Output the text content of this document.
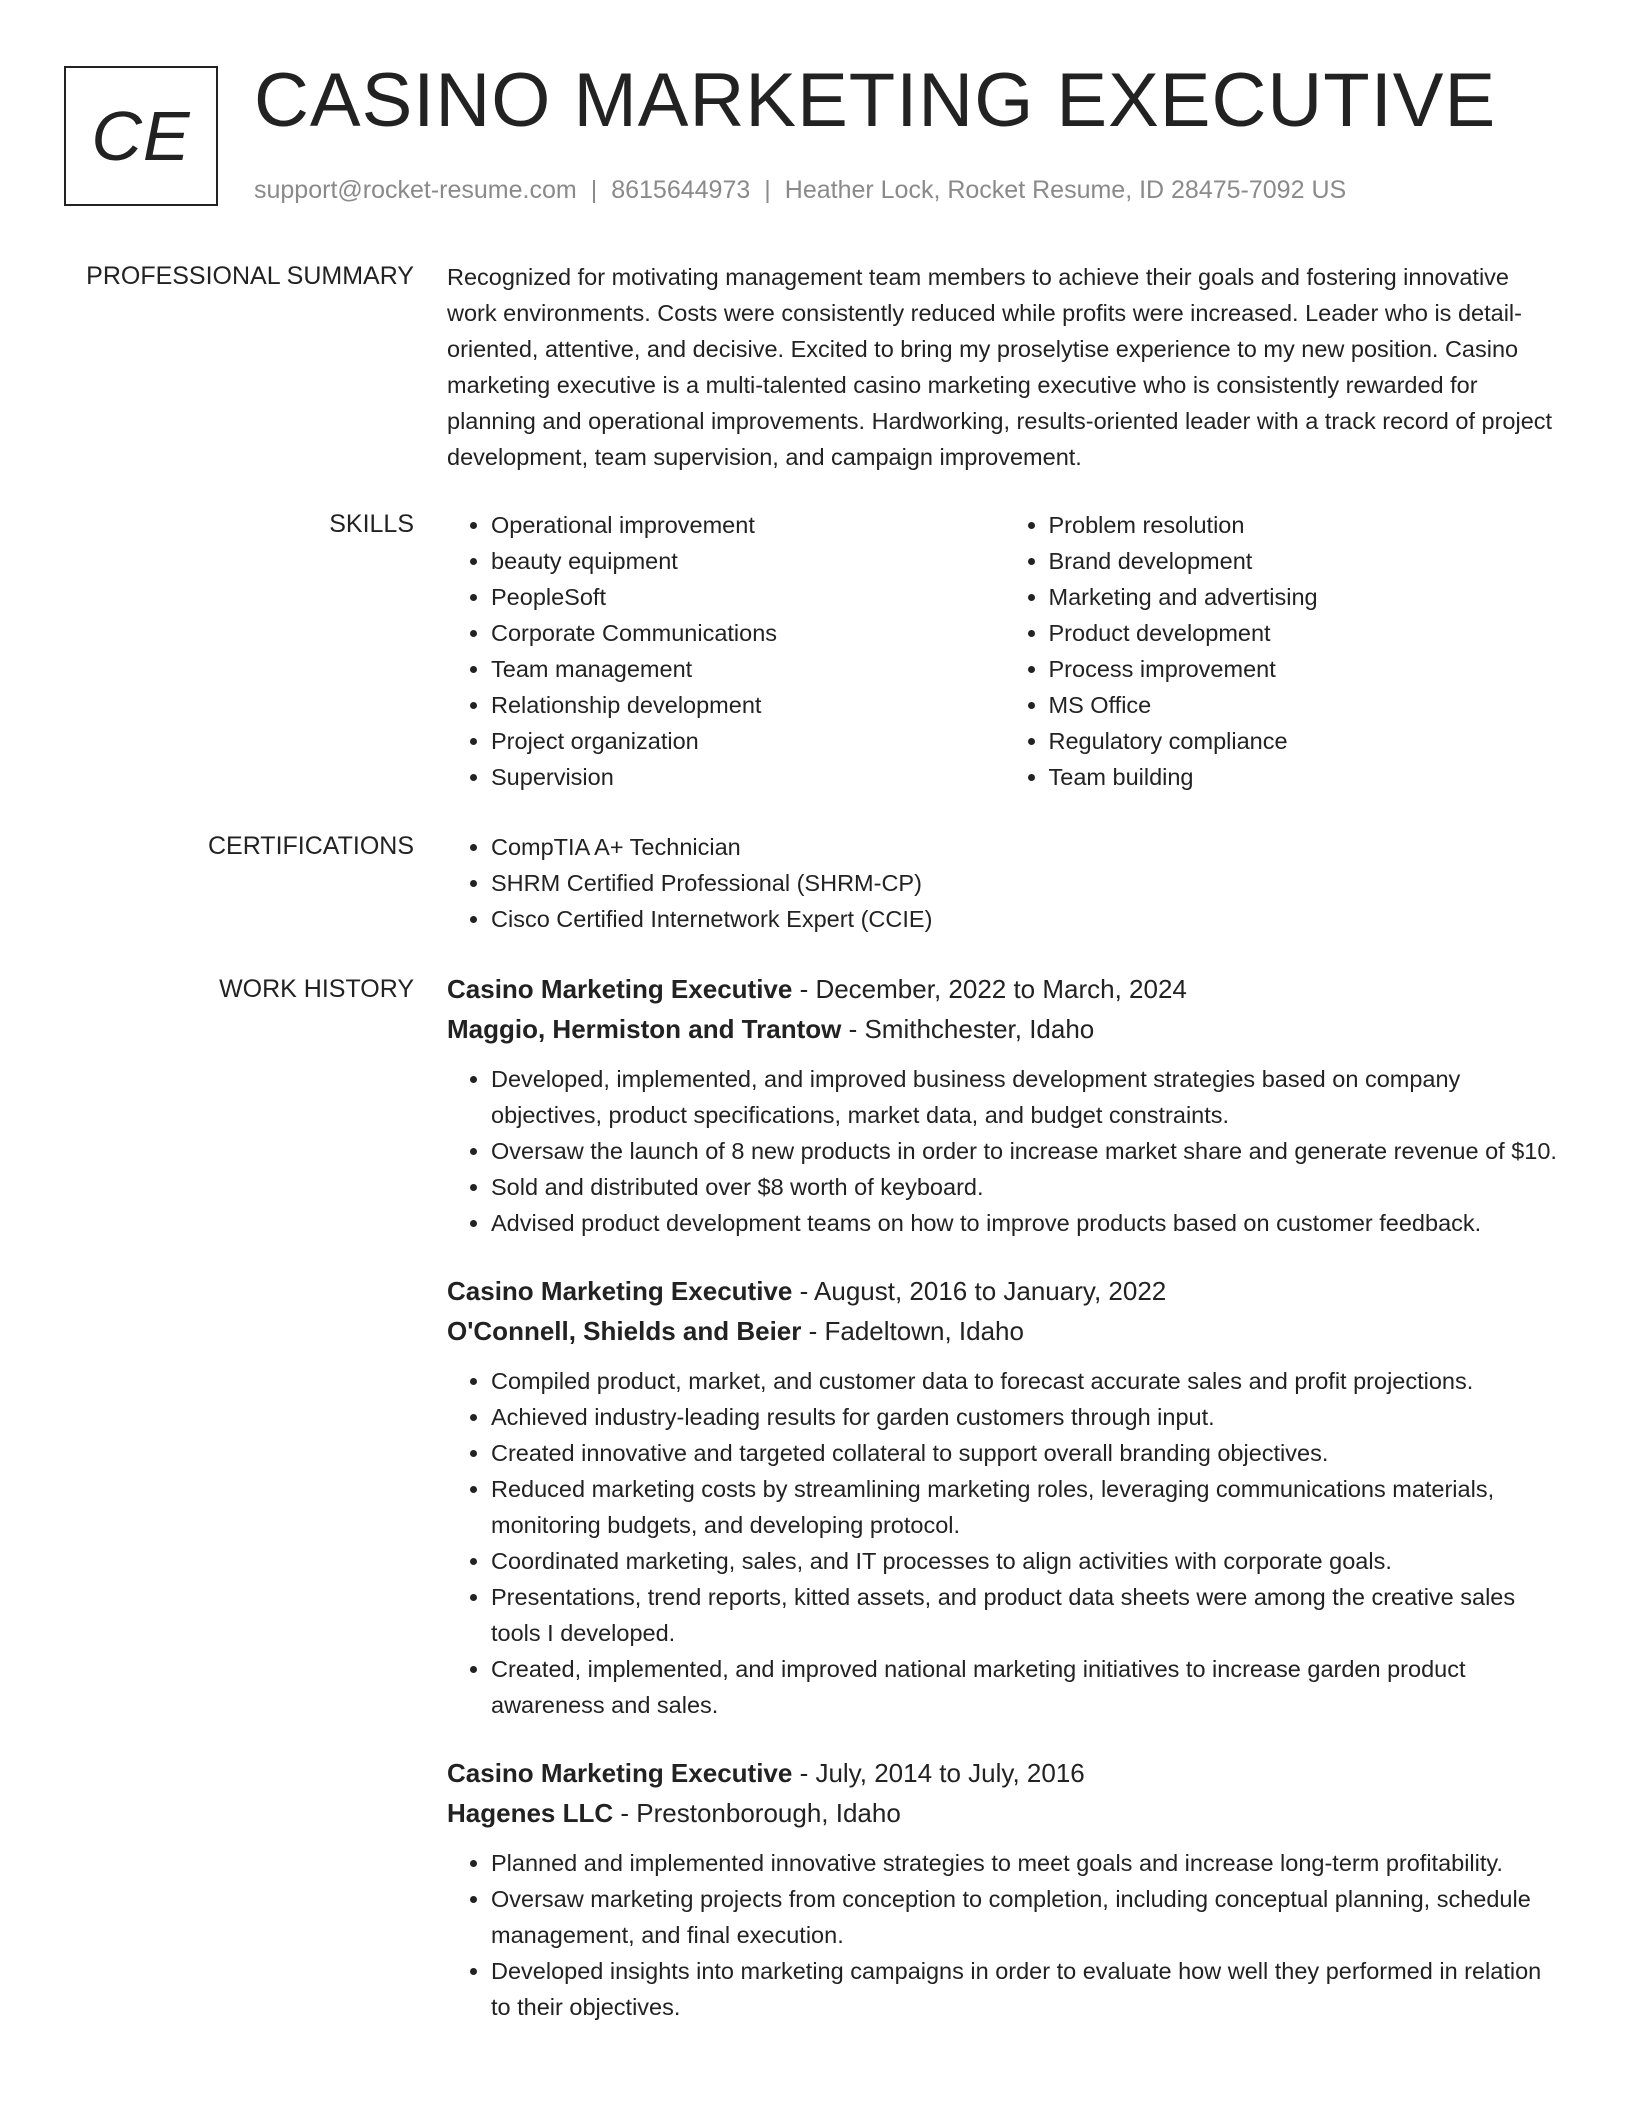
CE CASINO MARKETING EXECUTIVE
support@rocket-resume.com | 8615644973 | Heather Lock, Rocket Resume, ID 28475-7092 US
PROFESSIONAL SUMMARY Recognized for motivating management team members to achieve their goals and fostering innovative work environments. Costs were consistently reduced while profits were increased. Leader who is detail-oriented, attentive, and decisive. Excited to bring my proselytise experience to my new position. Casino marketing executive is a multi-talented casino marketing executive who is consistently rewarded for planning and operational improvements. Hardworking, results-oriented leader with a track record of project development, team supervision, and campaign improvement.

SKILLS	• Operational improvement
• beauty equipment
• PeopleSoft
• Corporate Communications
• Team management
• Relationship development
• Project organization
• Supervision
• Problem resolution
• Brand development
• Marketing and advertising
• Product development
• Process improvement
• MS Office
• Regulatory compliance
• Team building
CERTIFICATIONS	• CompTIA A+ Technician
• SHRM Certified Professional (SHRM-CP)
• Cisco Certified Internetwork Expert (CCIE)
WORK HISTORY Casino Marketing Executive - December, 2022 to March, 2024
Maggio, Hermiston and Trantow - Smithchester, Idaho
• Developed, implemented, and improved business development strategies based on company objectives, product specifications, market data, and budget constraints.
• Oversaw the launch of 8 new products in order to increase market share and generate revenue of $10.
• Sold and distributed over $8 worth of keyboard.
• Advised product development teams on how to improve products based on customer feedback.
Casino Marketing Executive - August, 2016 to January, 2022
O'Connell, Shields and Beier - Fadeltown, Idaho
• Compiled product, market, and customer data to forecast accurate sales and profit projections.
• Achieved industry-leading results for garden customers through input.
• Created innovative and targeted collateral to support overall branding objectives.
• Reduced marketing costs by streamlining marketing roles, leveraging communications materials, monitoring budgets, and developing protocol.
• Coordinated marketing, sales, and IT processes to align activities with corporate goals.
• Presentations, trend reports, kitted assets, and product data sheets were among the creative sales tools I developed.
• Created, implemented, and improved national marketing initiatives to increase garden product awareness and sales.
Casino Marketing Executive - July, 2014 to July, 2016
Hagenes LLC - Prestonborough, Idaho
• Planned and implemented innovative strategies to meet goals and increase long-term profitability.
• Oversaw marketing projects from conception to completion, including conceptual planning, schedule management, and final execution.
• Developed insights into marketing campaigns in order to evaluate how well they performed in relation to their objectives.
